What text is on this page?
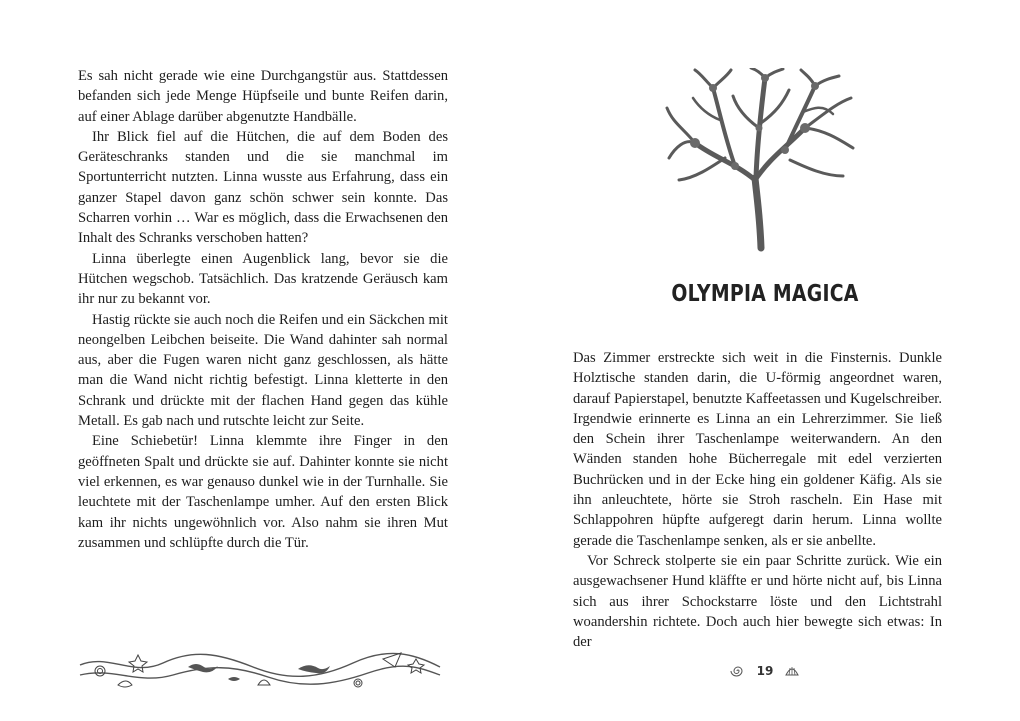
Es sah nicht gerade wie eine Durchgangstür aus. Stattdessen befanden sich jede Menge Hüpfseile und bunte Reifen darin, auf einer Ablage darüber abgenutzte Handbälle.

Ihr Blick fiel auf die Hütchen, die auf dem Boden des Geräteschranks standen und die sie manchmal im Sportunterricht nutzten. Linna wusste aus Erfahrung, dass ein ganzer Stapel davon ganz schön schwer sein konnte. Das Scharren vorhin … War es möglich, dass die Erwachsenen den Inhalt des Schranks verschoben hatten?

Linna überlegte einen Augenblick lang, bevor sie die Hütchen wegschob. Tatsächlich. Das kratzende Geräusch kam ihr nur zu bekannt vor.

Hastig rückte sie auch noch die Reifen und ein Säckchen mit neongelben Leibchen beiseite. Die Wand dahinter sah normal aus, aber die Fugen waren nicht ganz geschlossen, als hätte man die Wand nicht richtig befestigt. Linna kletterte in den Schrank und drückte mit der flachen Hand gegen das kühle Metall. Es gab nach und rutschte leicht zur Seite.

Eine Schiebetür! Linna klemmte ihre Finger in den geöffneten Spalt und drückte sie auf. Dahinter konnte sie nicht viel erkennen, es war genauso dunkel wie in der Turnhalle. Sie leuchtete mit der Taschenlampe umher. Auf den ersten Blick kam ihr nichts ungewöhnlich vor. Also nahm sie ihren Mut zusammen und schlüpfte durch die Tür.

OLYMPIA MAGICA

Das Zimmer erstreckte sich weit in die Finsternis. Dunkle Holztische standen darin, die U-förmig angeordnet waren, darauf Papierstapel, benutzte Kaffeetassen und Kugelschreiber. Irgendwie erinnerte es Linna an ein Lehrerzimmer. Sie ließ den Schein ihrer Taschenlampe weiterwandern. An den Wänden standen hohe Bücherregale mit edel verzierten Buchrücken und in der Ecke hing ein goldener Käfig. Als sie ihn anleuchtete, hörte sie Stroh rascheln. Ein Hase mit Schlappohren hüpfte aufgeregt darin herum. Linna wollte gerade die Taschenlampe senken, als er sie anbellte.

Vor Schreck stolperte sie ein paar Schritte zurück. Wie ein ausgewachsener Hund kläffte er und hörte nicht auf, bis Linna sich aus ihrer Schockstarre löste und den Lichtstrahl woandershin richtete. Doch auch hier bewegte sich etwas: In der

19
